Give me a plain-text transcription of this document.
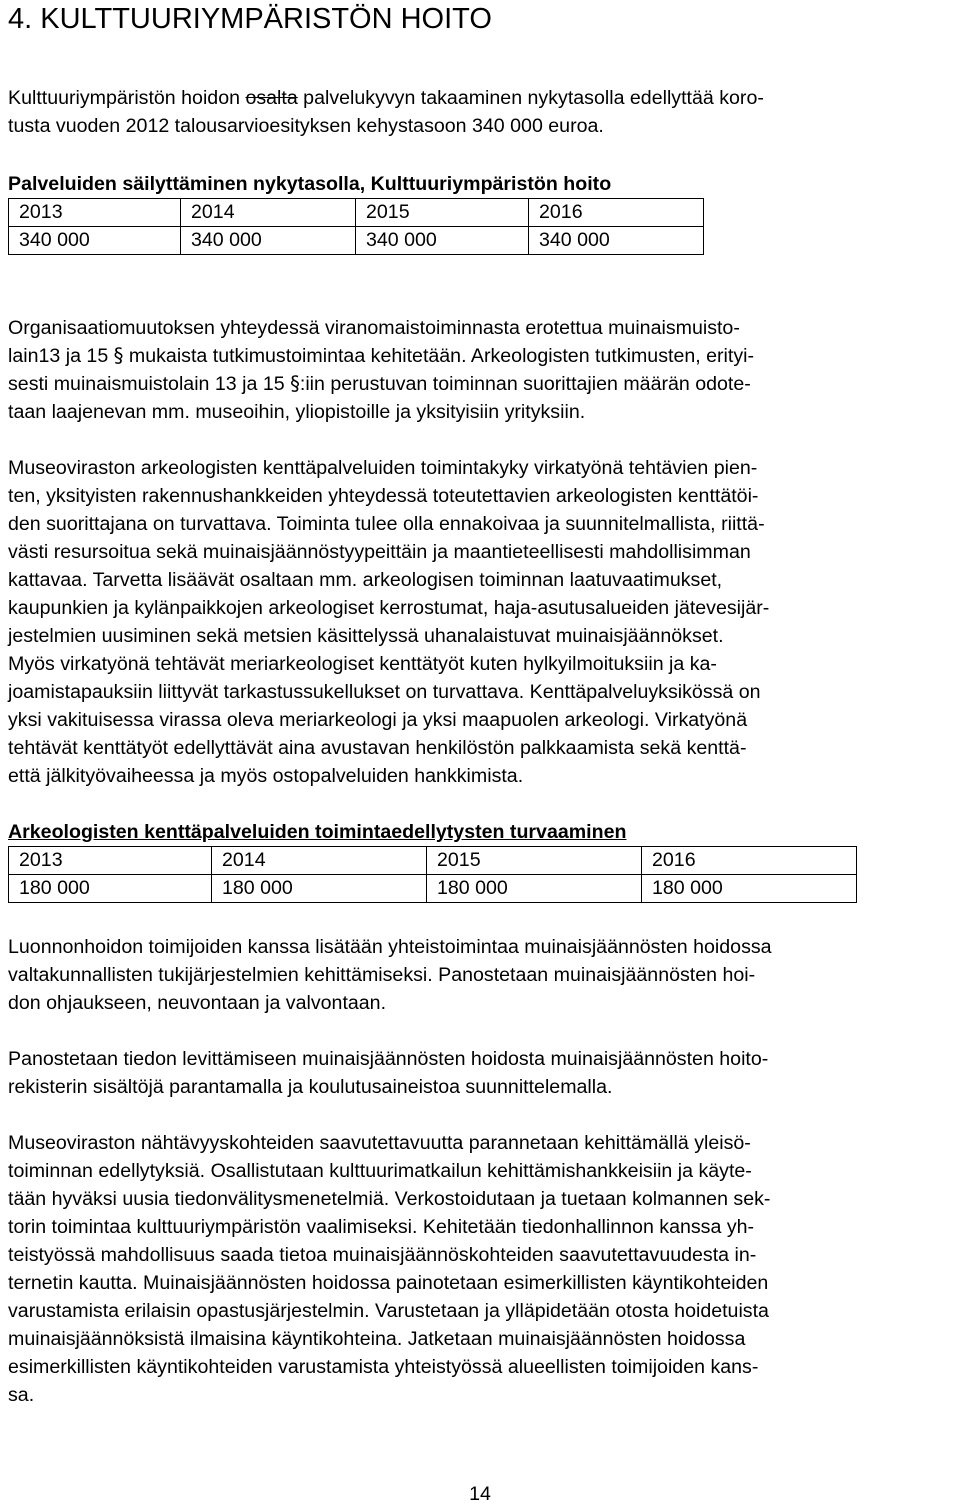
4. KULTTUURIYMPÄRISTÖN HOITO

Kulttuuriympäristön hoidon osalta palvelukyvyn takaaminen nykytasolla edellyttää koro-
tusta vuoden 2012 talousarvioesityksen kehystasoon 340 000 euroa.

Palveluiden säilyttäminen nykytasolla, Kulttuuriympäristön hoito
2013	2014	2015	2016
340 000	340 000	340 000	340 000

Organisaatiomuutoksen yhteydessä viranomaistoiminnasta erotettua muinaismuisto-
lain13 ja 15 § mukaista tutkimustoimintaa kehitetään. Arkeologisten tutkimusten, erityi-
sesti muinaismuistolain 13 ja 15 §:iin perustuvan toiminnan suorittajien määrän odote-
taan laajenevan mm. museoihin, yliopistoille ja yksityisiin yrityksiin.

Museoviraston arkeologisten kenttäpalveluiden toimintakyky virkatyönä tehtävien pien-
ten, yksityisten rakennushankkeiden yhteydessä toteutettavien arkeologisten kenttätöi-
den suorittajana on turvattava. Toiminta tulee olla ennakoivaa ja suunnitelmallista, riittä-
västi resursoitua sekä muinaisjäännöstyypeittäin ja maantieteellisesti mahdollisimman
kattavaa. Tarvetta lisäävät osaltaan mm. arkeologisen toiminnan laatuvaatimukset,
kaupunkien ja kylänpaikkojen arkeologiset kerrostumat, haja-asutusalueiden jätevesijär-
jestelmien uusiminen sekä metsien käsittelyssä uhanalaistuvat muinaisjäännökset.
Myös virkatyönä tehtävät meriarkeologiset kenttätyöt kuten hylkyilmoituksiin ja ka-
joamistapauksiin liittyvät tarkastussukellukset on turvattava. Kenttäpalveluyksikössä on
yksi vakituisessa virassa oleva meriarkeologi ja yksi maapuolen arkeologi. Virkatyönä
tehtävät kenttätyöt edellyttävät aina avustavan henkilöstön palkkaamista sekä kenttä-
että jälkityövaiheessa ja myös ostopalveluiden hankkimista.

Arkeologisten kenttäpalveluiden toimintaedellytysten turvaaminen
2013	2014	2015	2016
180 000	180 000	180 000	180 000

Luonnonhoidon toimijoiden kanssa lisätään yhteistoimintaa muinaisjäännösten hoidossa
valtakunnallisten tukijärjestelmien kehittämiseksi. Panostetaan muinaisjäännösten hoi-
don ohjaukseen, neuvontaan ja valvontaan.

Panostetaan tiedon levittämiseen muinaisjäännösten hoidosta muinaisjäännösten hoito-
rekisterin sisältöjä parantamalla ja koulutusaineistoa suunnittelemalla.

Museoviraston nähtävyyskohteiden saavutettavuutta parannetaan kehittämällä yleisö-
toiminnan edellytyksiä. Osallistutaan kulttuurimatkailun kehittämishankkeisiin ja käyte-
tään hyväksi uusia tiedonvälitysmenetelmiä. Verkostoidutaan ja tuetaan kolmannen sek-
torin toimintaa kulttuuriympäristön vaalimiseksi. Kehitetään tiedonhallinnon kanssa yh-
teistyössä mahdollisuus saada tietoa muinaisjäännöskohteiden saavutettavuudesta in-
ternetin kautta. Muinaisjäännösten hoidossa painotetaan esimerkillisten käyntikohteiden
varustamista erilaisin opastusjärjestelmin. Varustetaan ja ylläpidetään otosta hoidetuista
muinaisjäännöksistä ilmaisina käyntikohteina. Jatketaan muinaisjäännösten hoidossa
esimerkillisten käyntikohteiden varustamista yhteistyössä alueellisten toimijoiden kans-
sa.

14
